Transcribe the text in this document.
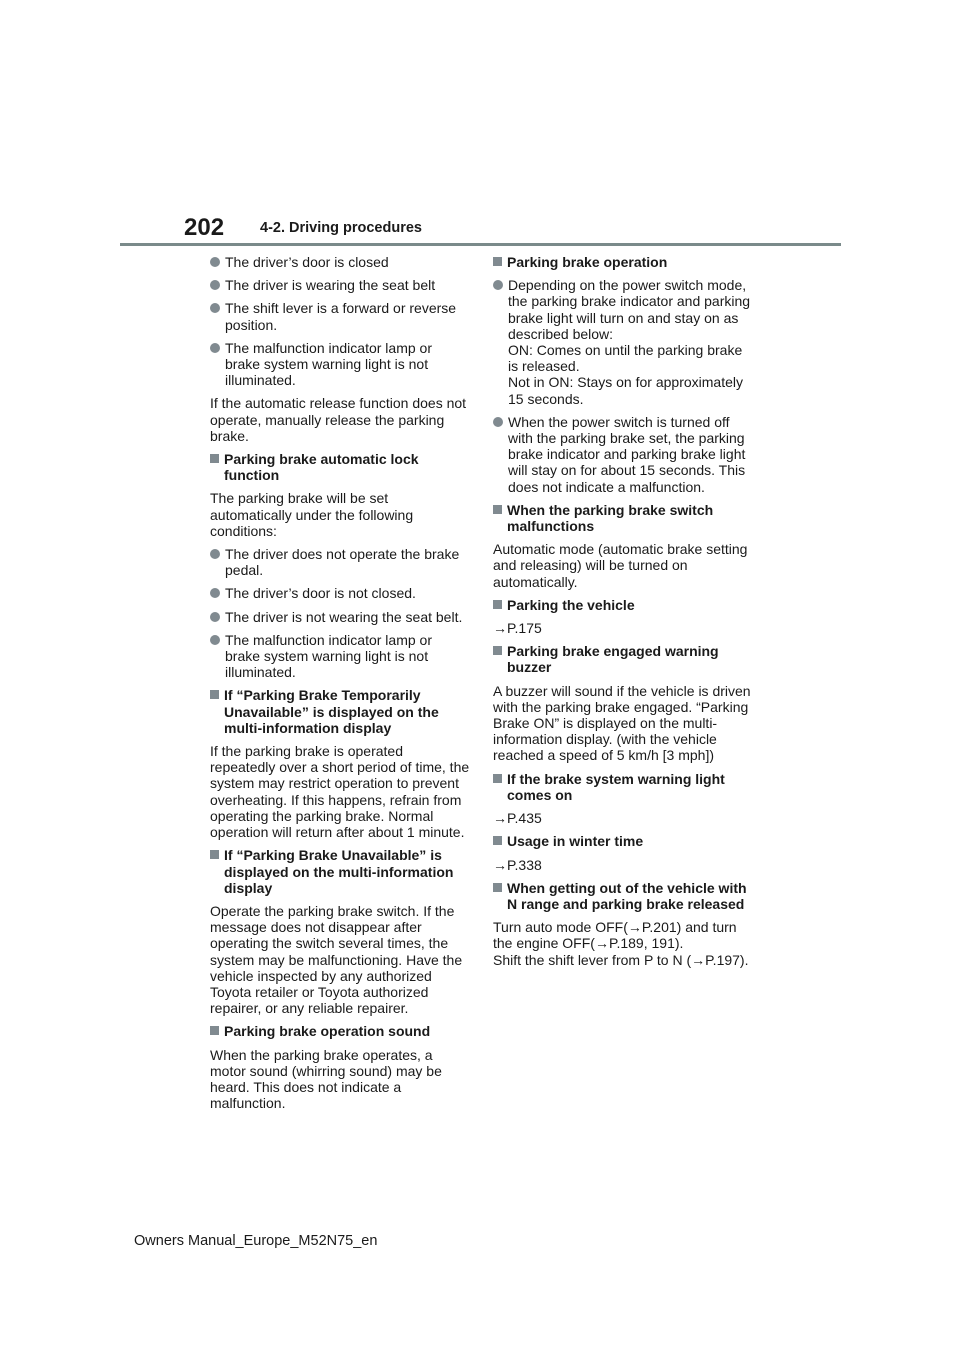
202 4-2. Driving procedures
The driver’s door is closed
The driver is wearing the seat belt
The shift lever is a forward or reverse position.
The malfunction indicator lamp or brake system warning light is not illuminated.
If the automatic release function does not operate, manually release the parking brake.
Parking brake automatic lock function
The parking brake will be set automatically under the following conditions:
The driver does not operate the brake pedal.
The driver’s door is not closed.
The driver is not wearing the seat belt.
The malfunction indicator lamp or brake system warning light is not illuminated.
If “Parking Brake Temporarily Unavailable” is displayed on the multi-information display
If the parking brake is operated repeatedly over a short period of time, the system may restrict operation to prevent overheating. If this happens, refrain from operating the parking brake. Normal operation will return after about 1 minute.
If “Parking Brake Unavailable” is displayed on the multi-information display
Operate the parking brake switch. If the message does not disappear after operating the switch several times, the system may be malfunctioning. Have the vehicle inspected by any authorized Toyota retailer or Toyota authorized repairer, or any reliable repairer.
Parking brake operation sound
When the parking brake operates, a motor sound (whirring sound) may be heard. This does not indicate a malfunction.
Parking brake operation
Depending on the power switch mode, the parking brake indicator and parking brake light will turn on and stay on as described below:
ON: Comes on until the parking brake is released.
Not in ON: Stays on for approximately 15 seconds.
When the power switch is turned off with the parking brake set, the parking brake indicator and parking brake light will stay on for about 15 seconds. This does not indicate a malfunction.
When the parking brake switch malfunctions
Automatic mode (automatic brake setting and releasing) will be turned on automatically.
Parking the vehicle
→P.175
Parking brake engaged warning buzzer
A buzzer will sound if the vehicle is driven with the parking brake engaged. “Parking Brake ON” is displayed on the multi-information display. (with the vehicle reached a speed of 5 km/h [3 mph])
If the brake system warning light comes on
→P.435
Usage in winter time
→P.338
When getting out of the vehicle with N range and parking brake released
Turn auto mode OFF(→P.201) and turn the engine OFF(→P.189, 191).
Shift the shift lever from P to N (→P.197).
Owners Manual_Europe_M52N75_en
